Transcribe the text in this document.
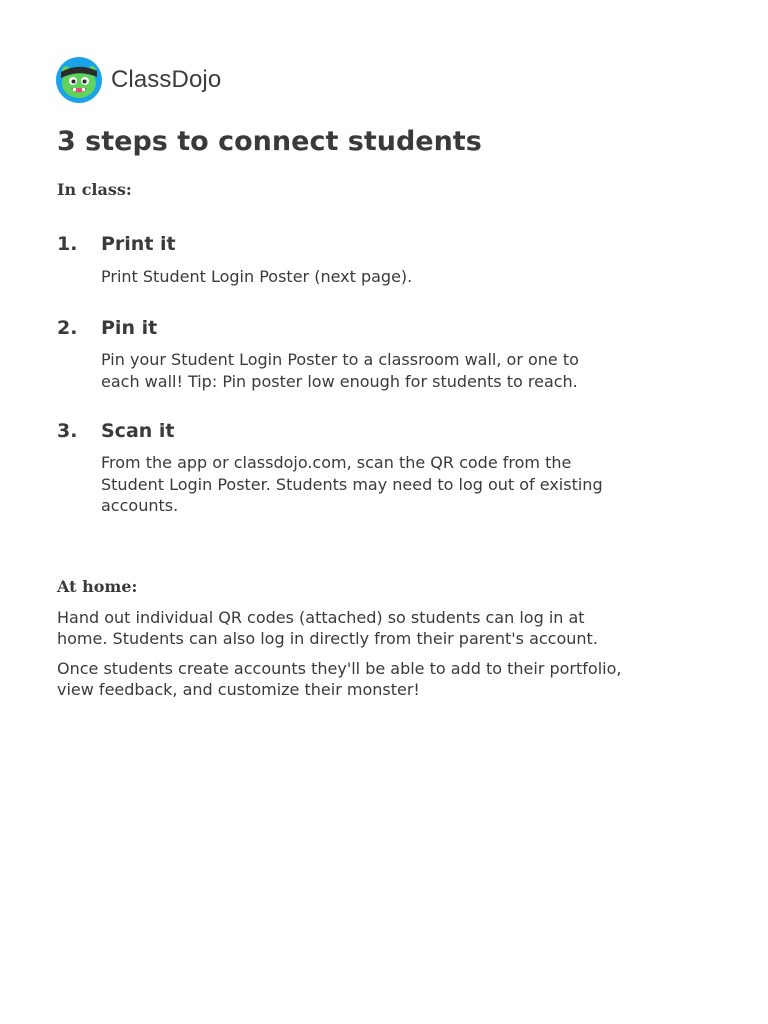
ClassDojo
3 steps to connect students

In class:

1. Print it

Print Student Login Poster (next page).

2. Pin it

Pin your Student Login Poster to a classroom wall, or one to
each wall! Tip: Pin poster low enough for students to reach.

3. Scan it

From the app or classdojo.com, scan the QR code from the
Student Login Poster. Students may need to log out of existing
accounts.

At home:

Hand out individual QR codes (attached) so students can log in at
home. Students can also log in directly from their parent's account.

Once students create accounts they'll be able to add to their portfolio,
view feedback, and customize their monster!
